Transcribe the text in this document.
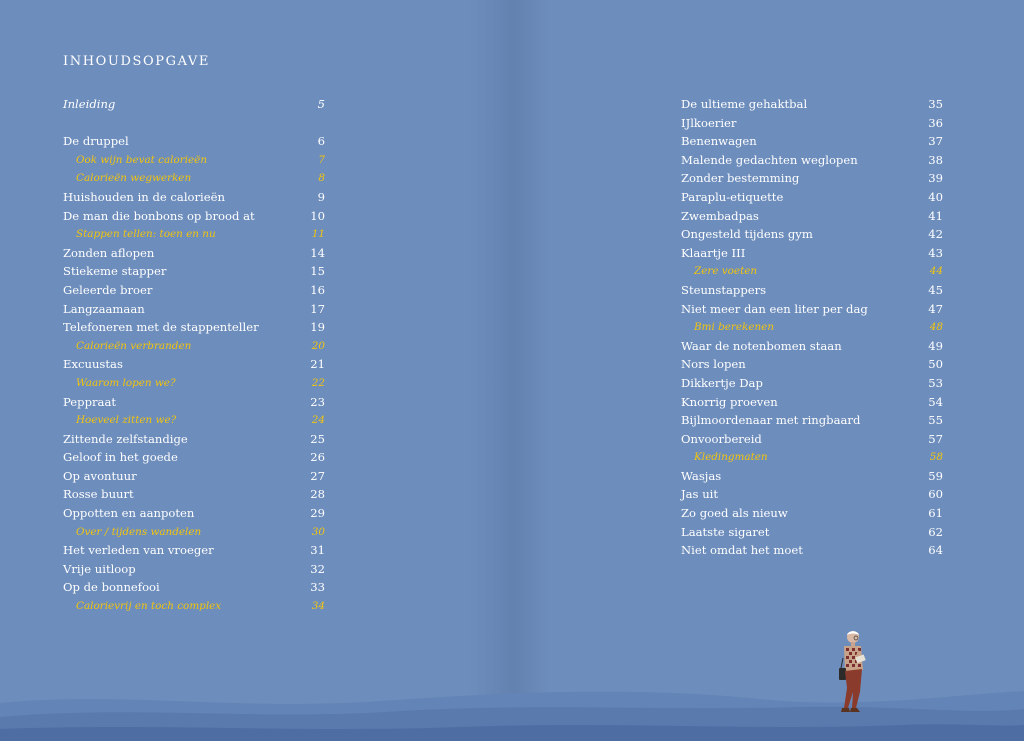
INHOUDSOPGAVE
Inleiding	5
De druppel	6
Ook wijn bevat calorieën	7
Calorieën wegwerken	8
Huishouden in de calorieën	9
De man die bonbons op brood at	10
Stappen tellen: toen en nu	11
Zonden aflopen	14
Stiekeme stapper	15
Geleerde broer	16
Langzaamaan	17
Telefoneren met de stappenteller	19
Calorieën verbranden	20
Excuustas	21
Waarom lopen we?	22
Peppraat	23
Hoeveel zitten we?	24
Zittende zelfstandige	25
Geloof in het goede	26
Op avontuur	27
Rosse buurt	28
Oppotten en aanpoten	29
Over / tijdens wandelen	30
Het verleden van vroeger	31
Vrije uitloop	32
Op de bonnefooi	33
Calorievrij en toch complex	34
De ultieme gehaktbal	35
IJlkoerier	36
Benenwagen	37
Malende gedachten weglopen	38
Zonder bestemming	39
Paraplu-etiquette	40
Zwembadpas	41
Ongesteld tijdens gym	42
Klaartje III	43
Zere voeten	44
Steunstappers	45
Niet meer dan een liter per dag	47
Bmi berekenen	48
Waar de notenbomen staan	49
Nors lopen	50
Dikkertje Dap	53
Knorrig proeven	54
Bijlmoordenaar met ringbaard	55
Onvoorbereid	57
Kledingmaten	58
Wasjas	59
Jas uit	60
Zo goed als nieuw	61
Laatste sigaret	62
Niet omdat het moet	64
